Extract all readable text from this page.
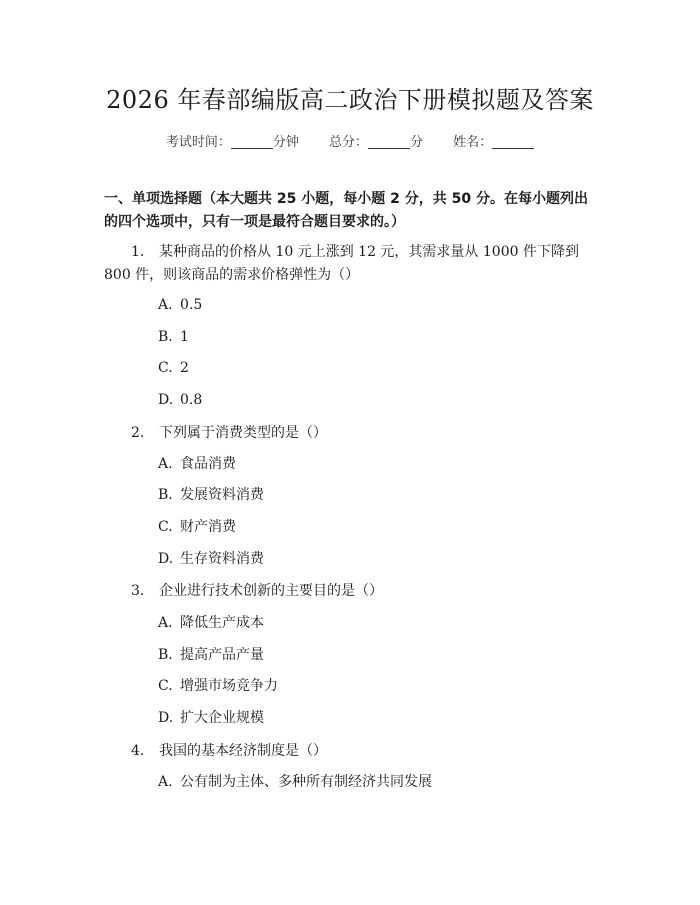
2026 年春部编版高二政治下册模拟题及答案
考试时间：	分钟 总分：	分 姓名：
一、单项选择题（本大题共 25 小题，每小题 2 分，共 50 分。在每小题列出的四个选项中，只有一项是最符合题目要求的。）
1. 某种商品的价格从 10 元上涨到 12 元，其需求量从 1000 件下降到 800 件，则该商品的需求价格弹性为（）
A. 0.5
B. 1
C. 2
D. 0.8
2. 下列属于消费类型的是（）
A. 食品消费
B. 发展资料消费
C. 财产消费
D. 生存资料消费
3. 企业进行技术创新的主要目的是（）
A. 降低生产成本
B. 提高产品产量
C. 增强市场竞争力
D. 扩大企业规模
4. 我国的基本经济制度是（）
A. 公有制为主体、多种所有制经济共同发展
